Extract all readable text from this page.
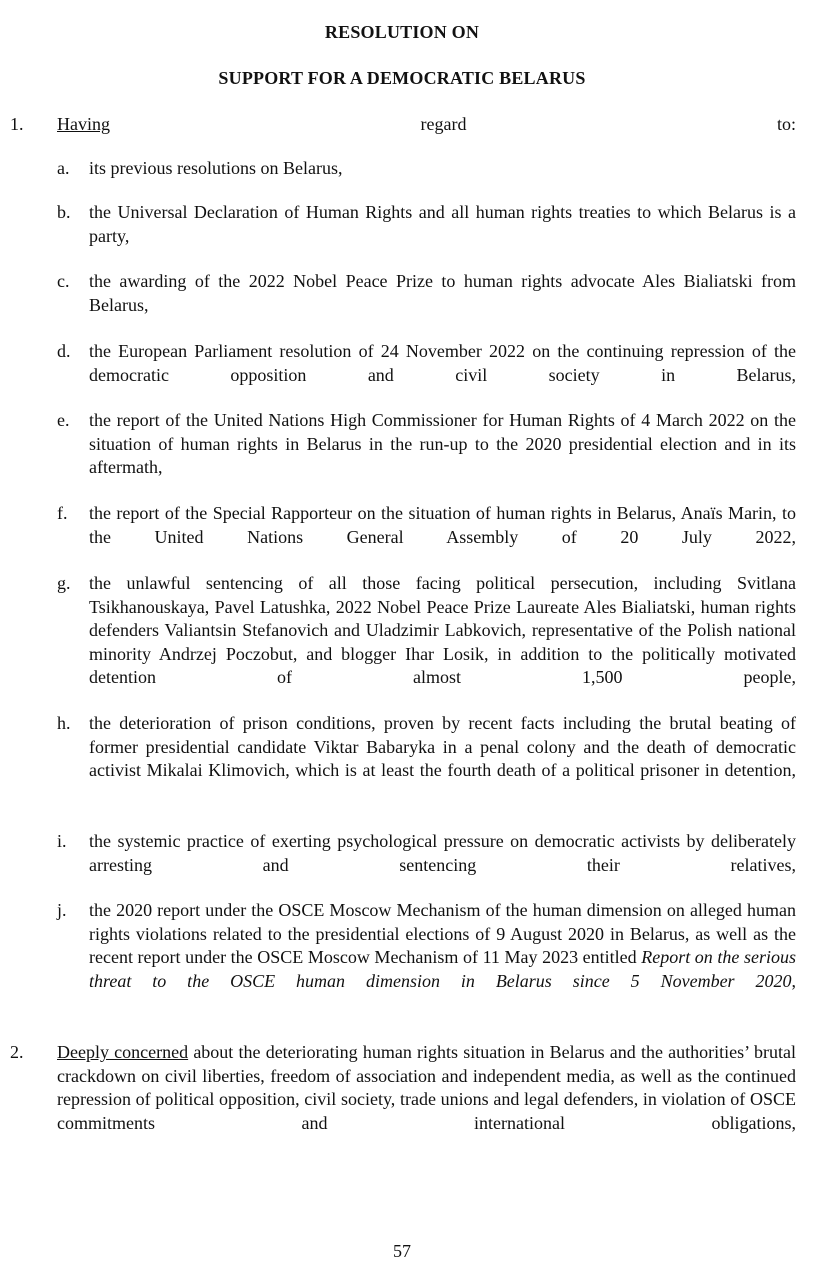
RESOLUTION ON
SUPPORT FOR A DEMOCRATIC BELARUS
1. Having regard to:
a.	its previous resolutions on Belarus,
b.	the Universal Declaration of Human Rights and all human rights treaties to which Belarus is a party,
c.	the awarding of the 2022 Nobel Peace Prize to human rights advocate Ales Bialiatski from Belarus,
d.	the European Parliament resolution of 24 November 2022 on the continuing repression of the democratic opposition and civil society in Belarus,
e.	the report of the United Nations High Commissioner for Human Rights of 4 March 2022 on the situation of human rights in Belarus in the run-up to the 2020 presidential election and in its aftermath,
f.	the report of the Special Rapporteur on the situation of human rights in Belarus, Anaïs Marin, to the United Nations General Assembly of 20 July 2022,
g.	the unlawful sentencing of all those facing political persecution, including Svitlana Tsikhanouskaya, Pavel Latushka, 2022 Nobel Peace Prize Laureate Ales Bialiatski, human rights defenders Valiantsin Stefanovich and Uladzimir Labkovich, representative of the Polish national minority Andrzej Poczobut, and blogger Ihar Losik, in addition to the politically motivated detention of almost 1,500 people,
h.	the deterioration of prison conditions, proven by recent facts including the brutal beating of former presidential candidate Viktar Babaryka in a penal colony and the death of democratic activist Mikalai Klimovich, which is at least the fourth death of a political prisoner in detention,
i.	the systemic practice of exerting psychological pressure on democratic activists by deliberately arresting and sentencing their relatives,
j.	the 2020 report under the OSCE Moscow Mechanism of the human dimension on alleged human rights violations related to the presidential elections of 9 August 2020 in Belarus, as well as the recent report under the OSCE Moscow Mechanism of 11 May 2023 entitled Report on the serious threat to the OSCE human dimension in Belarus since 5 November 2020,
2. Deeply concerned about the deteriorating human rights situation in Belarus and the authorities’ brutal crackdown on civil liberties, freedom of association and independent media, as well as the continued repression of political opposition, civil society, trade unions and legal defenders, in violation of OSCE commitments and international obligations,
57
